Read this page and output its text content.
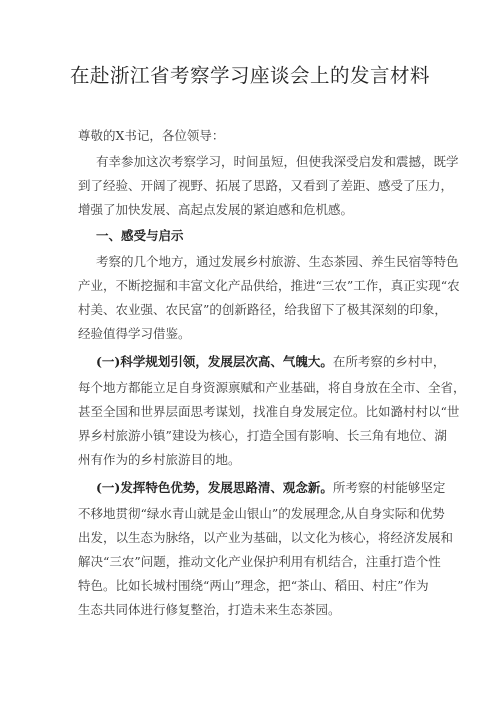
在赴浙江省考察学习座谈会上的发言材料
尊敬的X书记，各位领导：
有幸参加这次考察学习，时间虽短，但使我深受启发和震撼，既学
到了经验、开阔了视野、拓展了思路，又看到了差距、感受了压力，
增强了加快发展、高起点发展的紧迫感和危机感。
一、感受与启示
考察的几个地方，通过发展乡村旅游、生态茶园、养生民宿等特色
产业，不断挖掘和丰富文化产品供给，推进“三农”工作，真正实现“农
村美、农业强、农民富”的创新路径，给我留下了极其深刻的印象，
经验值得学习借鉴。
(一)科学规划引领，发展层次高、气魄大。在所考察的乡村中，
每个地方都能立足自身资源禀赋和产业基础，将自身放在全市、全省，
甚至全国和世界层面思考谋划，找准自身发展定位。比如潞村村以“世
界乡村旅游小镇”建设为核心，打造全国有影响、长三角有地位、湖
州有作为的乡村旅游目的地。
(一)发挥特色优势，发展思路清、观念新。所考察的村能够坚定
不移地贯彻“绿水青山就是金山银山”的发展理念,从自身实际和优势
出发，以生态为脉络，以产业为基础，以文化为核心，将经济发展和
解决“三农”问题，推动文化产业保护利用有机结合，注重打造个性
特色。比如长城村围绕“两山”理念，把“茶山、稻田、村庄”作为
生态共同体进行修复整治，打造未来生态茶园。
